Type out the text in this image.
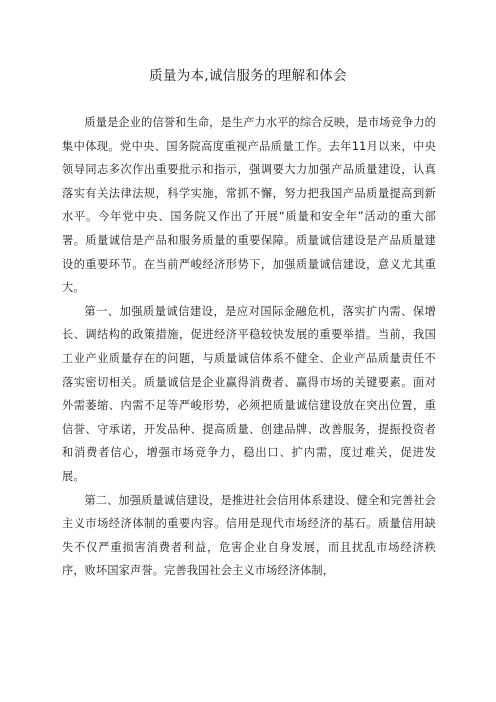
质量为本,诚信服务的理解和体会

质量是企业的信誉和生命，是生产力水平的综合反映，是市场竞争力的集中体现。党中央、国务院高度重视产品质量工作。去年11月以来，中央领导同志多次作出重要批示和指示，强调要大力加强产品质量建设，认真落实有关法律法规，科学实施，常抓不懈，努力把我国产品质量提高到新水平。今年党中央、国务院又作出了开展“质量和安全年”活动的重大部署。质量诚信是产品和服务质量的重要保障。质量诚信建设是产品质量建设的重要环节。在当前严峻经济形势下，加强质量诚信建设，意义尤其重大。

第一、加强质量诚信建设，是应对国际金融危机，落实扩内需、保增长、调结构的政策措施，促进经济平稳较快发展的重要举措。当前，我国工业产业质量存在的问题，与质量诚信体系不健全、企业产品质量责任不落实密切相关。质量诚信是企业赢得消费者、赢得市场的关键要素。面对外需萎缩、内需不足等严峻形势，必须把质量诚信建设放在突出位置，重信誉、守承诺，开发品种、提高质量、创建品牌、改善服务，提振投资者和消费者信心，增强市场竞争力，稳出口、扩内需，度过难关，促进发展。

第二、加强质量诚信建设，是推进社会信用体系建设、健全和完善社会主义市场经济体制的重要内容。信用是现代市场经济的基石。质量信用缺失不仅严重损害消费者利益，危害企业自身发展，而且扰乱市场经济秩序，败坏国家声誉。完善我国社会主义市场经济体制，
